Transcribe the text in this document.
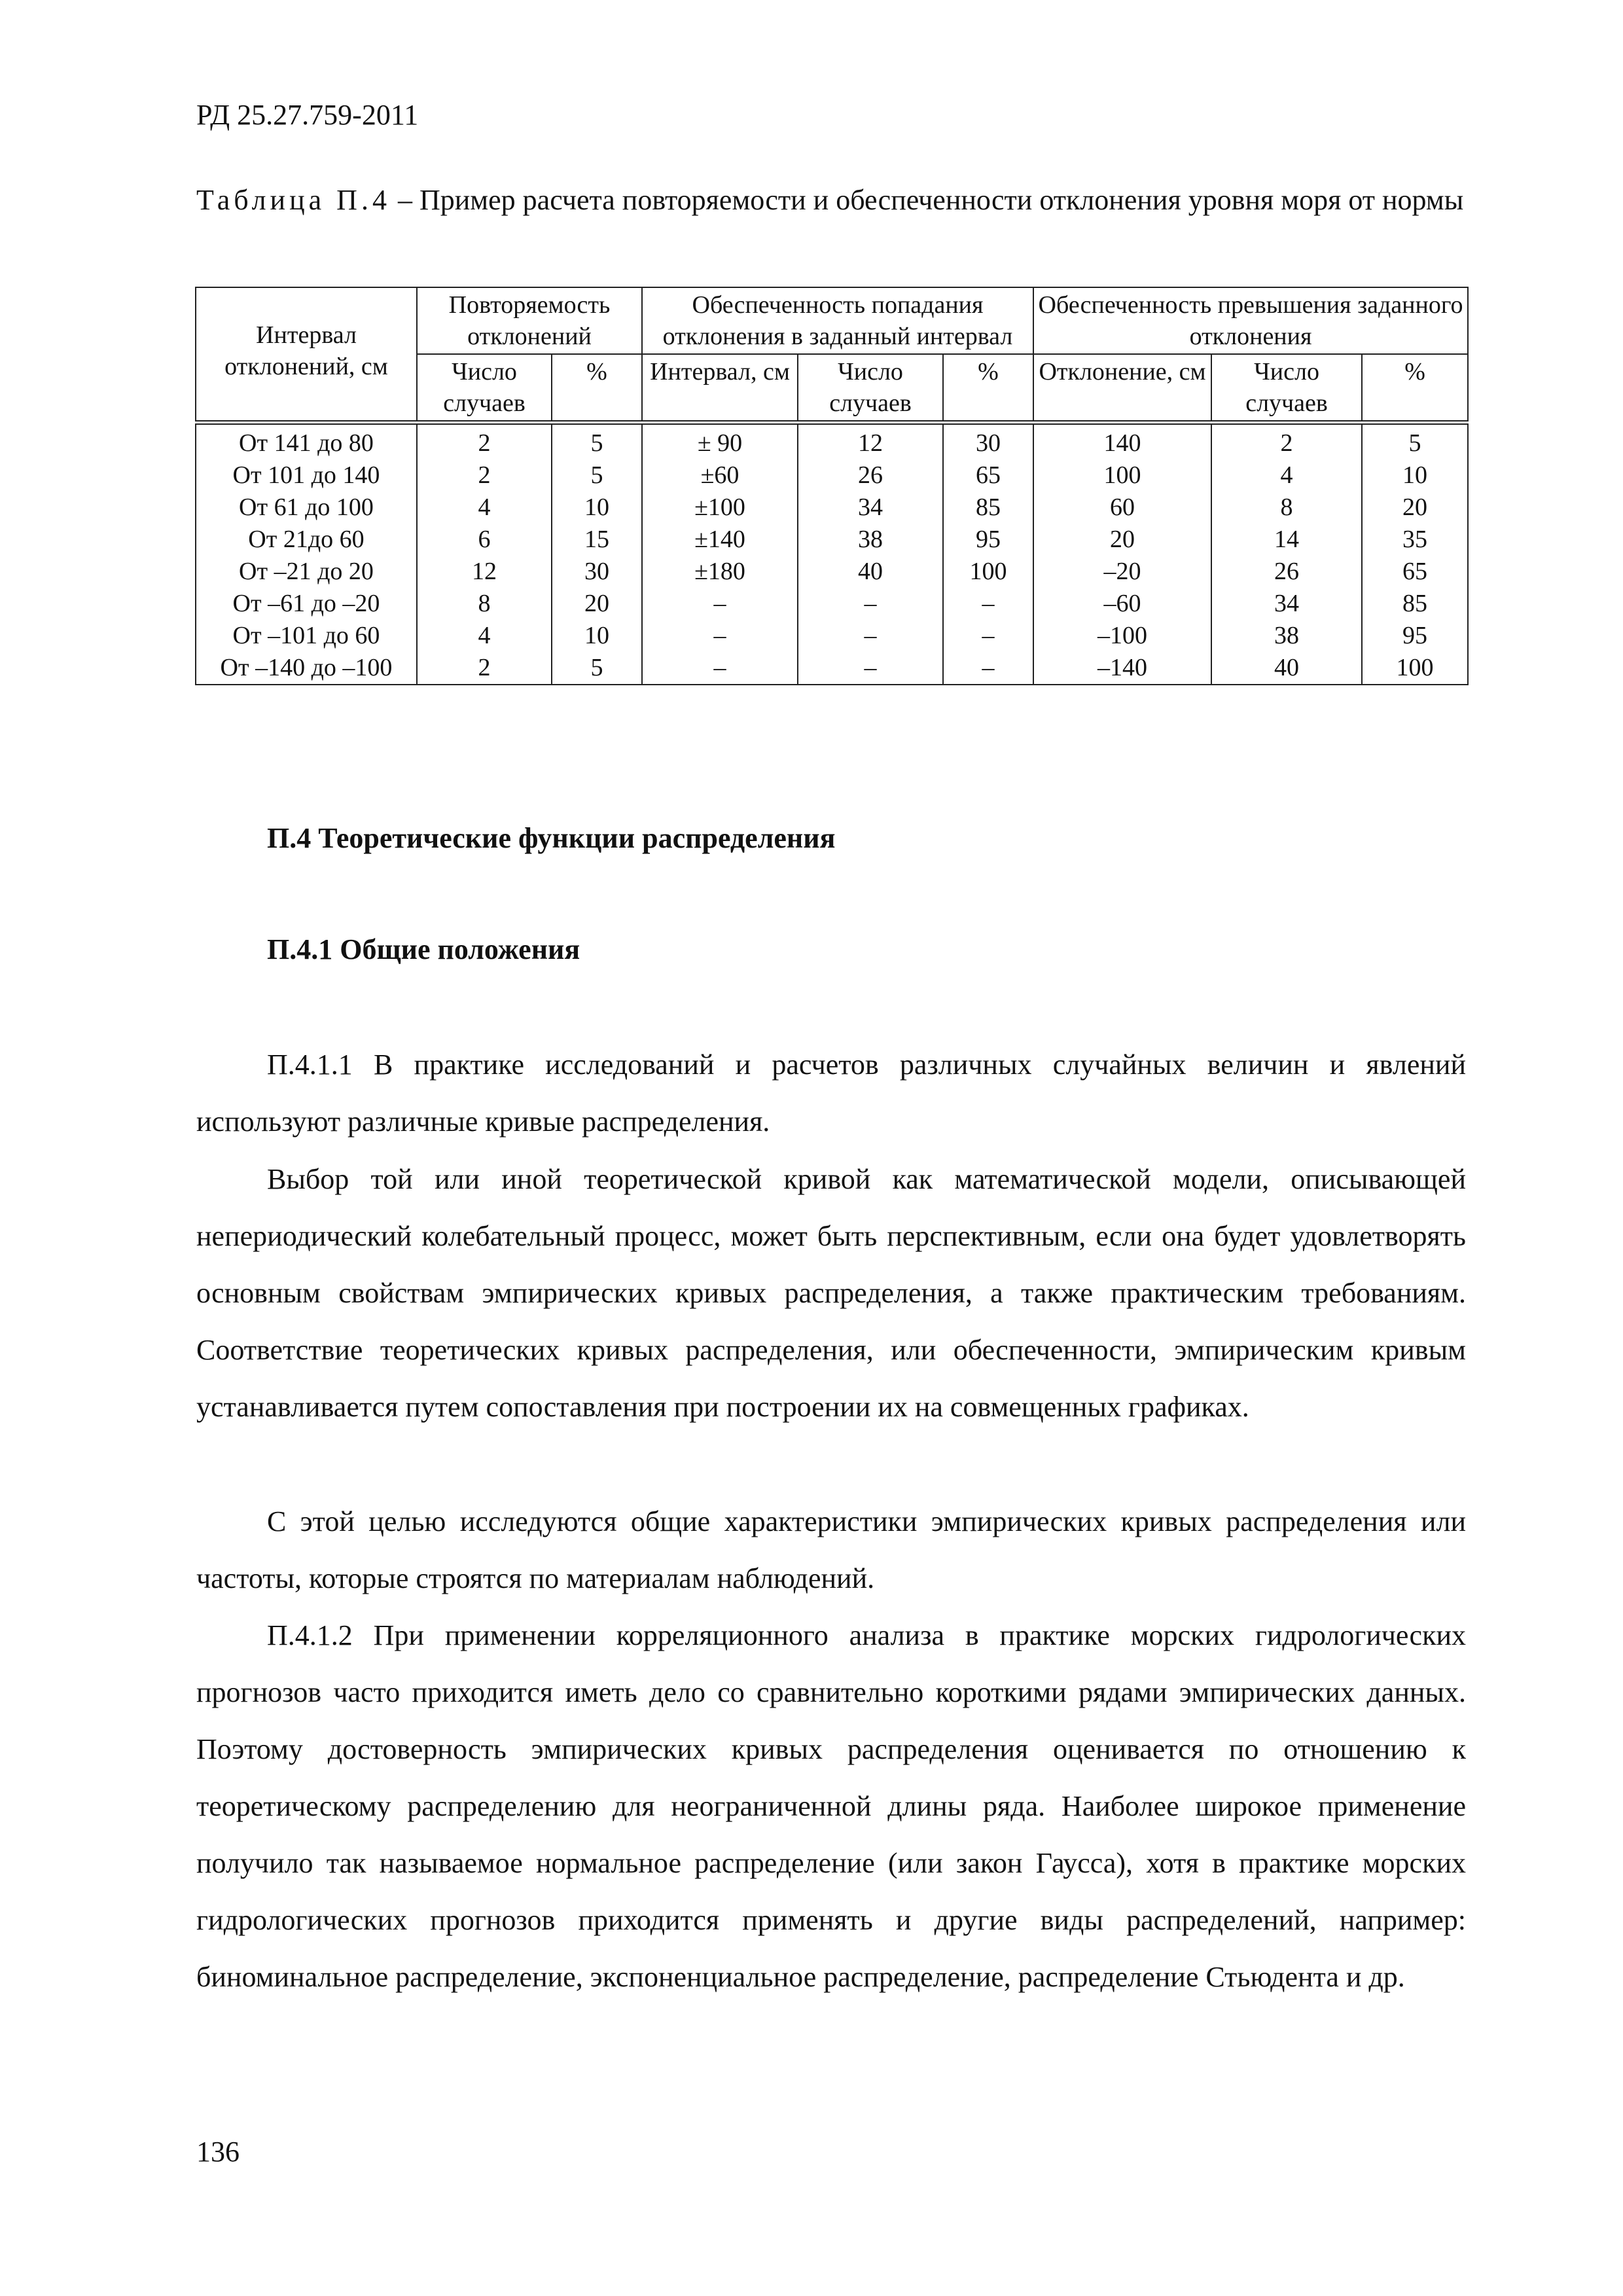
РД 25.27.759-2011
Таблица П.4 – Пример расчета повторяемости и обеспеченности отклонения уровня моря от нормы
Интервал отклонений, см	Повторяемость отклонений		Обеспеченность попадания отклонения в заданный интервал			Обеспеченность превышения заданного отклонения		
	Число случаев	%	Интервал, см	Число случаев	%	Отклонение, см	Число случаев	%
От 141 до 80	2	5	± 90	12	30	140	2	5
От 101 до 140	2	5	±60	26	65	100	4	10
От 61 до 100	4	10	±100	34	85	60	8	20
От 21до 60	6	15	±140	38	95	20	14	35
От –21 до 20	12	30	±180	40	100	–20	26	65
От –61 до –20	8	20	–	–	–	–60	34	85
От –101 до 60	4	10	–	–	–	–100	38	95
От –140 до –100	2	5	–	–	–	–140	40	100
П.4 Теоретические функции распределения
П.4.1 Общие положения

П.4.1.1 В практике исследований и расчетов различных случайных величин и явлений используют различные кривые распределения.

Выбор той или иной теоретической кривой как математической модели, описывающей непериодический колебательный процесс, может быть перспективным, если она будет удовлетворять основным свойствам эмпирических кривых распределения, а также практическим требованиям. Соответствие теоретических кривых распределения, или обеспеченности, эмпирическим кривым устанавливается путем сопоставления при построении их на совмещенных графиках.

С этой целью исследуются общие характеристики эмпирических кривых распределения или частоты, которые строятся по материалам наблюдений.

П.4.1.2 При применении корреляционного анализа в практике морских гидрологических прогнозов часто приходится иметь дело со сравнительно короткими рядами эмпирических данных. Поэтому достоверность эмпирических кривых распределения оценивается по отношению к теоретическому распределению для неограниченной длины ряда. Наиболее широкое применение получило так называемое нормальное распределение (или закон Гаусса), хотя в практике морских гидрологических прогнозов приходится применять и другие виды распределений, например: биноминальное распределение, экспоненциальное распределение, распределение Стьюдента и др.

136
